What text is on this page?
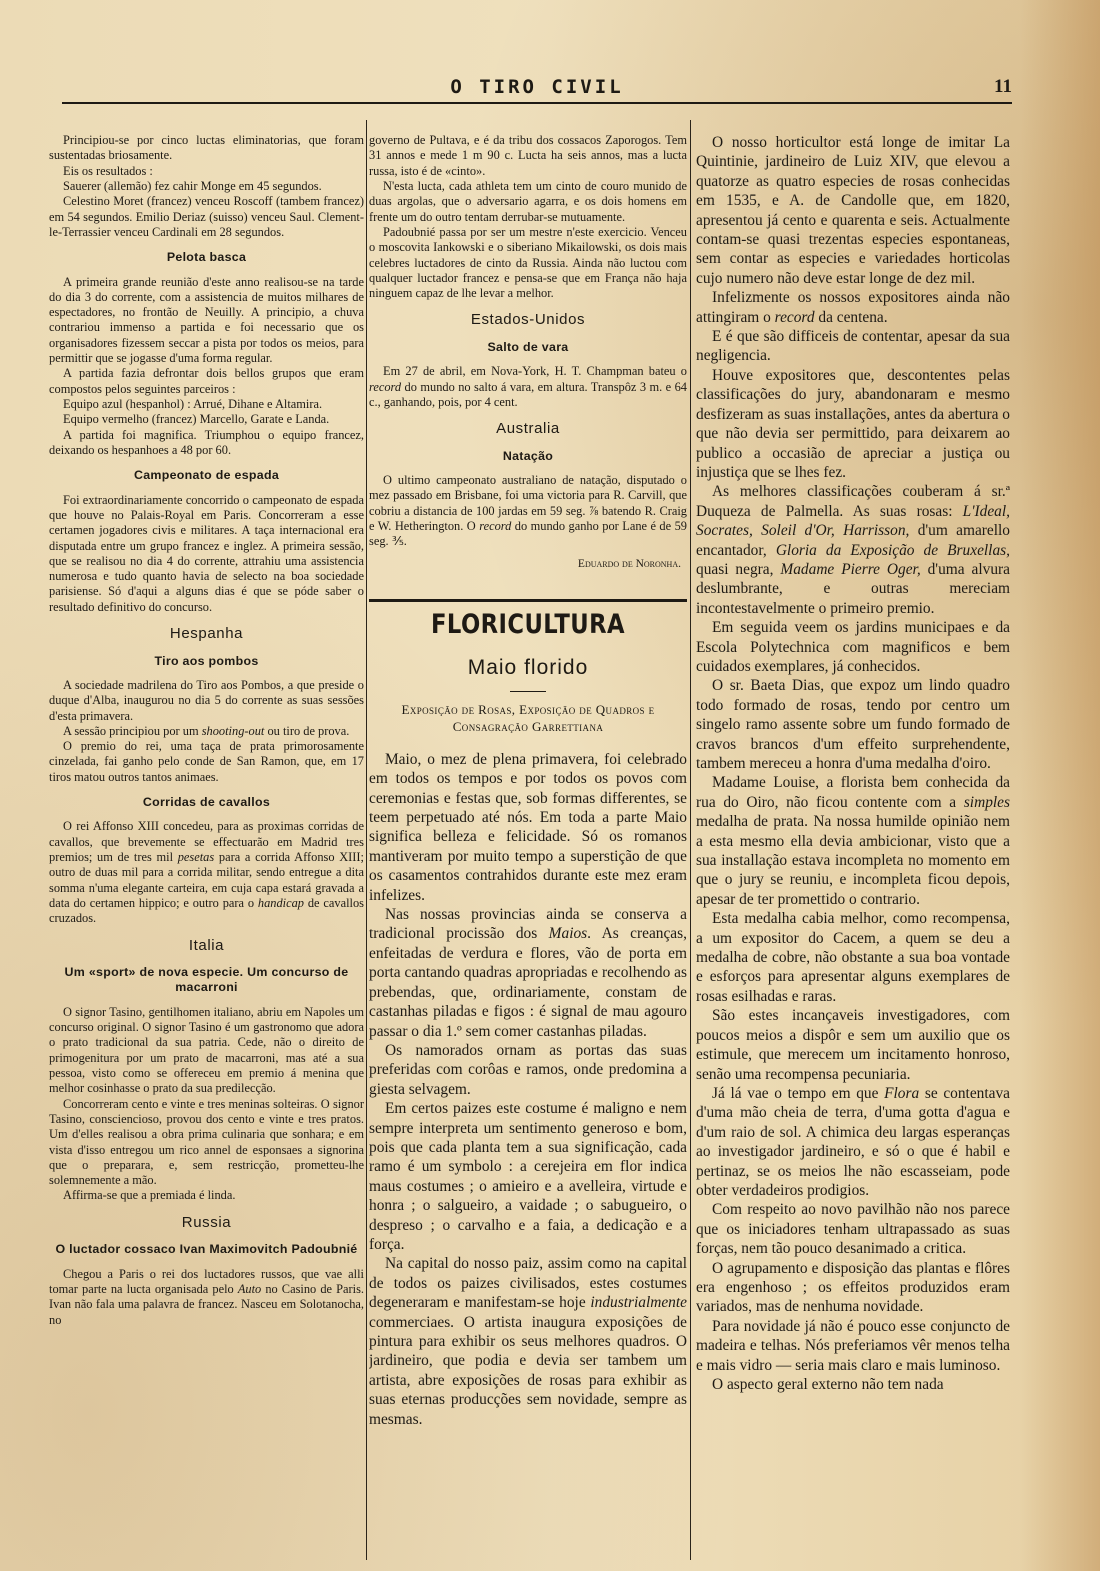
O TIRO CIVIL	11

Principiou-se por cinco luctas eliminatorias, que foram sustentadas briosamente.

Eis os resultados :

Sauerer (allemão) fez cahir Monge em 45 segundos.

Celestino Moret (francez) venceu Roscoff (tambem francez) em 54 segundos. Emilio Deriaz (suisso) venceu Saul. Clement-le-Terrassier venceu Cardinali em 28 segundos.

Pelota basca

A primeira grande reunião d'este anno realisou-se na tarde do dia 3 do corrente, com a assistencia de muitos milhares de espectadores, no frontão de Neuilly. A principio, a chuva contrariou immenso a partida e foi necessario que os organisadores fizessem seccar a pista por todos os meios, para permittir que se jogasse d'uma forma regular.

A partida fazia defrontar dois bellos grupos que eram compostos pelos seguintes parceiros :

Equipo azul (hespanhol) : Arrué, Dihane e Altamira.

Equipo vermelho (francez) Marcello, Garate e Landa.

A partida foi magnifica. Triumphou o equipo francez, deixando os hespanhoes a 48 por 60.

Campeonato de espada

Foi extraordinariamente concorrido o campeonato de espada que houve no Palais-Royal em Paris. Concorreram a esse certamen jogadores civis e militares. A taça internacional era disputada entre um grupo francez e inglez. A primeira sessão, que se realisou no dia 4 do corrente, attrahiu uma assistencia numerosa e tudo quanto havia de selecto na boa sociedade parisiense. Só d'aqui a alguns dias é que se póde saber o resultado definitivo do concurso.

Hespanha
Tiro aos pombos

A sociedade madrilena do Tiro aos Pombos, a que preside o duque d'Alba, inaugurou no dia 5 do corrente as suas sessões d'esta primavera.

A sessão principiou por um shooting-out ou tiro de prova.

O premio do rei, uma taça de prata primorosamente cinzelada, fai ganho pelo conde de San Ramon, que, em 17 tiros matou outros tantos animaes.

Corridas de cavallos

O rei Affonso XIII concedeu, para as proximas corridas de cavallos, que brevemente se effectuarão em Madrid tres premios; um de tres mil pesetas para a corrida Affonso XIII; outro de duas mil para a corrida militar, sendo entregue a dita somma n'uma elegante carteira, em cuja capa estará gravada a data do certamen hippico; e outro para o handicap de cavallos cruzados.

Italia
Um «sport» de nova especie. Um concurso de macarroni

O signor Tasino, gentilhomen italiano, abriu em Napoles um concurso original. O signor Tasino é um gastronomo que adora o prato tradicional da sua patria. Cede, não o direito de primogenitura por um prato de macarroni, mas até a sua pessoa, visto como se offereceu em premio á menina que melhor cosinhasse o prato da sua predilecção.

Concorreram cento e vinte e tres meninas solteiras. O signor Tasino, consciencioso, provou dos cento e vinte e tres pratos. Um d'elles realisou a obra prima culinaria que sonhara; e em vista d'isso entregou um rico annel de esponsaes a signorina que o preparara, e, sem restricção, prometteu-lhe solemnemente a mão.

Affirma-se que a premiada é linda.

Russia
O luctador cossaco Ivan Maximovitch Padoubnié

Chegou a Paris o rei dos luctadores russos, que vae alli tomar parte na lucta organisada pelo Auto no Casino de Paris. Ivan não fala uma palavra de francez. Nasceu em Solotanocha, no

governo de Pultava, e é da tribu dos cossacos Zaporogos. Tem 31 annos e mede 1 m 90 c. Lucta ha seis annos, mas a lucta russa, isto é de «cinto».

N'esta lucta, cada athleta tem um cinto de couro munido de duas argolas, que o adversario agarra, e os dois homens em frente um do outro tentam derrubar-se mutuamente.

Padoubnié passa por ser um mestre n'este exercicio. Venceu o moscovita Iankowski e o siberiano Mikailowski, os dois mais celebres luctadores de cinto da Russia. Ainda não luctou com qualquer luctador francez e pensa-se que em França não haja ninguem capaz de lhe levar a melhor.

Estados-Unidos
Salto de vara

Em 27 de abril, em Nova-York, H. T. Champman bateu o record do mundo no salto á vara, em altura. Transpôz 3 m. e 64 c., ganhando, pois, por 4 cent.

Australia
Natação

O ultimo campeonato australiano de natação, disputado o mez passado em Brisbane, foi uma victoria para R. Carvill, que cobriu a distancia de 100 jardas em 59 seg. ⅞ batendo R. Craig e W. Hetherington. O record do mundo ganho por Lane é de 59 seg. ⅗.

Eduardo de Noronha.
FLORICULTURA
Maio florido
Exposição de Rosas, Exposição de Quadros e Consagração Garrettiana

Maio, o mez de plena primavera, foi celebrado em todos os tempos e por todos os povos com ceremonias e festas que, sob formas differentes, se teem perpetuado até nós. Em toda a parte Maio significa belleza e felicidade. Só os romanos mantiveram por muito tempo a superstição de que os casamentos contrahidos durante este mez eram infelizes.

Nas nossas provincias ainda se conserva a tradicional procissão dos Maios. As creanças, enfeitadas de verdura e flores, vão de porta em porta cantando quadras apropriadas e recolhendo as prebendas, que, ordinariamente, constam de castanhas piladas e figos : é signal de mau agouro passar o dia 1.º sem comer castanhas piladas.

Os namorados ornam as portas das suas preferidas com corôas e ramos, onde predomina a giesta selvagem.

Em certos paizes este costume é maligno e nem sempre interpreta um sentimento generoso e bom, pois que cada planta tem a sua significação, cada ramo é um symbolo : a cerejeira em flor indica maus costumes ; o amieiro e a avelleira, virtude e honra ; o salgueiro, a vaidade ; o sabugueiro, o despreso ; o carvalho e a faia, a dedicação e a força.

Na capital do nosso paiz, assim como na capital de todos os paizes civilisados, estes costumes degeneraram e manifestam-se hoje industrialmente commerciaes. O artista inaugura exposições de pintura para exhibir os seus melhores quadros. O jardineiro, que podia e devia ser tambem um artista, abre exposições de rosas para exhibir as suas eternas producções sem novidade, sempre as mesmas.

O nosso horticultor está longe de imitar La Quintinie, jardineiro de Luiz XIV, que elevou a quatorze as quatro especies de rosas conhecidas em 1535, e A. de Candolle que, em 1820, apresentou já cento e quarenta e seis. Actualmente contam-se quasi trezentas especies espontaneas, sem contar as especies e variedades horticolas cujo numero não deve estar longe de dez mil.

Infelizmente os nossos expositores ainda não attingiram o record da centena.

E é que são difficeis de contentar, apesar da sua negligencia.

Houve expositores que, descontentes pelas classificações do jury, abandonaram e mesmo desfizeram as suas installações, antes da abertura o que não devia ser permittido, para deixarem ao publico a occasião de apreciar a justiça ou injustiça que se lhes fez.

As melhores classificações couberam á sr.ª Duqueza de Palmella. As suas rosas: L'Ideal, Socrates, Soleil d'Or, Harrisson, d'um amarello encantador, Gloria da Exposição de Bruxellas, quasi negra, Madame Pierre Oger, d'uma alvura deslumbrante, e outras mereciam incontestavelmente o primeiro premio.

Em seguida veem os jardins municipaes e da Escola Polytechnica com magnificos e bem cuidados exemplares, já conhecidos.

O sr. Baeta Dias, que expoz um lindo quadro todo formado de rosas, tendo por centro um singelo ramo assente sobre um fundo formado de cravos brancos d'um effeito surprehendente, tambem mereceu a honra d'uma medalha d'oiro.

Madame Louise, a florista bem conhecida da rua do Oiro, não ficou contente com a simples medalha de prata. Na nossa humilde opinião nem a esta mesmo ella devia ambicionar, visto que a sua installação estava incompleta no momento em que o jury se reuniu, e incompleta ficou depois, apesar de ter promettido o contrario.

Esta medalha cabia melhor, como recompensa, a um expositor do Cacem, a quem se deu a medalha de cobre, não obstante a sua boa vontade e esforços para apresentar alguns exemplares de rosas esilhadas e raras.

São estes incançaveis investigadores, com poucos meios a dispôr e sem um auxilio que os estimule, que merecem um incitamento honroso, senão uma recompensa pecuniaria.

Já lá vae o tempo em que Flora se contentava d'uma mão cheia de terra, d'uma gotta d'agua e d'um raio de sol. A chimica deu largas esperanças ao investigador jardineiro, e só o que é habil e pertinaz, se os meios lhe não escasseiam, pode obter verdadeiros prodigios.

Com respeito ao novo pavilhão não nos parece que os iniciadores tenham ultrapassado as suas forças, nem tão pouco desanimado a critica.

O agrupamento e disposição das plantas e flôres era engenhoso ; os effeitos produzidos eram variados, mas de nenhuma novidade.

Para novidade já não é pouco esse conjuncto de madeira e telhas. Nós preferiamos vêr menos telha e mais vidro — seria mais claro e mais luminoso.

O aspecto geral externo não tem nada
